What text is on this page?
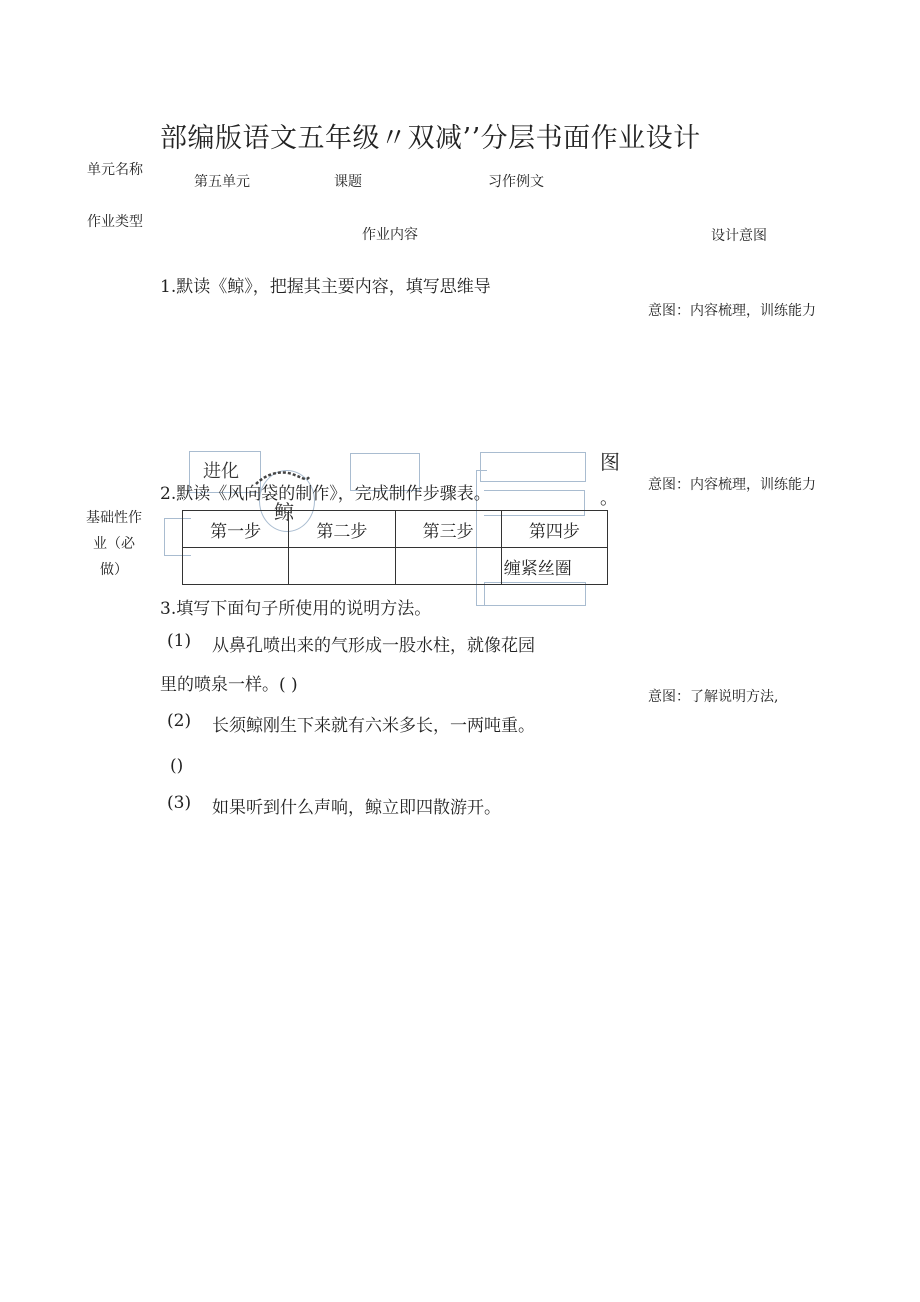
部编版语文五年级〃双减’’分层书面作业设计
单元名称
第五单元	课题	习作例文
作业类型
作业内容	设计意图
基础性作业（必做）
1.默读《鲸》，把握其主要内容，填写思维导
意图：内容梳理，训练能力
进化
鲸
图
。
2.默读《风向袋的制作》，完成制作步骤表。	意图：内容梳理，训练能力
第一步	第二步	第三步	第四步
			缠紧丝圈
3.填写下面句子所使用的说明方法。
(1) 从鼻孔喷出来的气形成一股水柱，就像花园
里的喷泉一样。( )
意图：了解说明方法,
(2) 长须鲸刚生下来就有六米多长，一两吨重。
()
(3) 如果听到什么声响，鲸立即四散游开。
